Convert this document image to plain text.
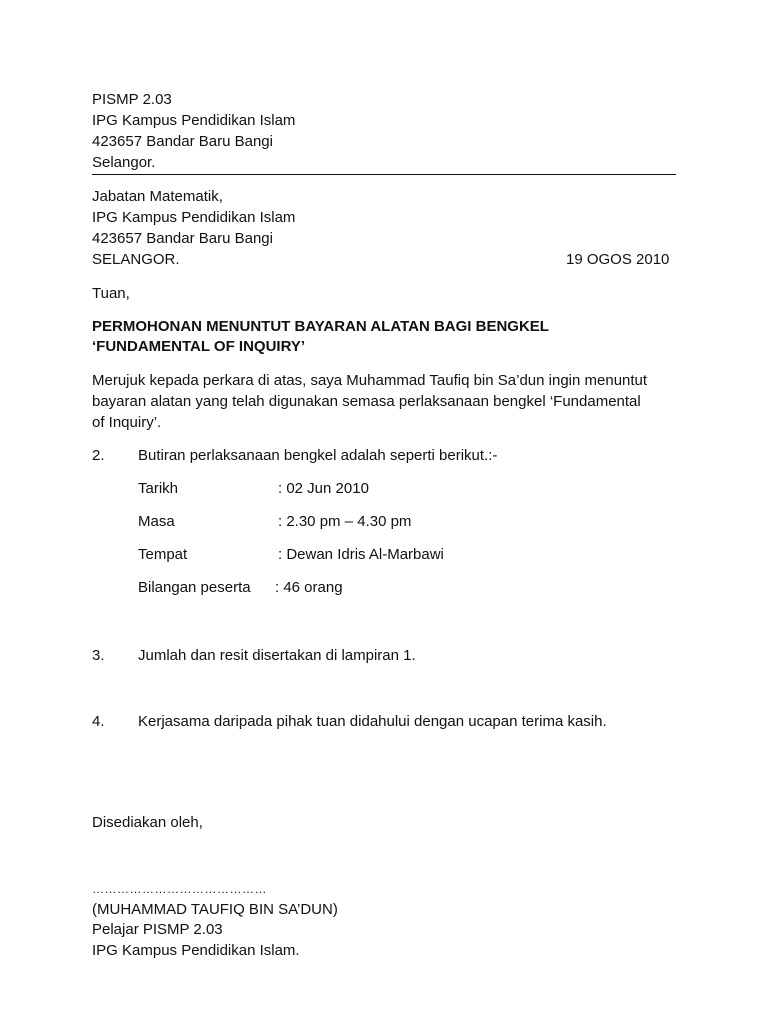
PISMP 2.03
IPG Kampus Pendidikan Islam
423657 Bandar Baru Bangi
Selangor.
Jabatan Matematik,
IPG Kampus Pendidikan Islam
423657 Bandar Baru Bangi
SELANGOR.	19 OGOS 2010
Tuan,
PERMOHONAN MENUNTUT BAYARAN ALATAN BAGI BENGKEL
‘FUNDAMENTAL OF INQUIRY’
Merujuk kepada perkara di atas, saya Muhammad Taufiq bin Sa’dun ingin menuntut
bayaran alatan yang telah digunakan semasa perlaksanaan bengkel ‘Fundamental
of Inquiry’.
2. Butiran perlaksanaan bengkel adalah seperti berikut.:-
Tarikh	: 02 Jun 2010
Masa	: 2.30 pm – 4.30 pm
Tempat	: Dewan Idris Al-Marbawi
Bilangan peserta : 46 orang
3. Jumlah dan resit disertakan di lampiran 1.
4. Kerjasama daripada pihak tuan didahului dengan ucapan terima kasih.
Disediakan oleh,
……………………………………
(MUHAMMAD TAUFIQ BIN SA’DUN)
Pelajar PISMP 2.03
IPG Kampus Pendidikan Islam.
